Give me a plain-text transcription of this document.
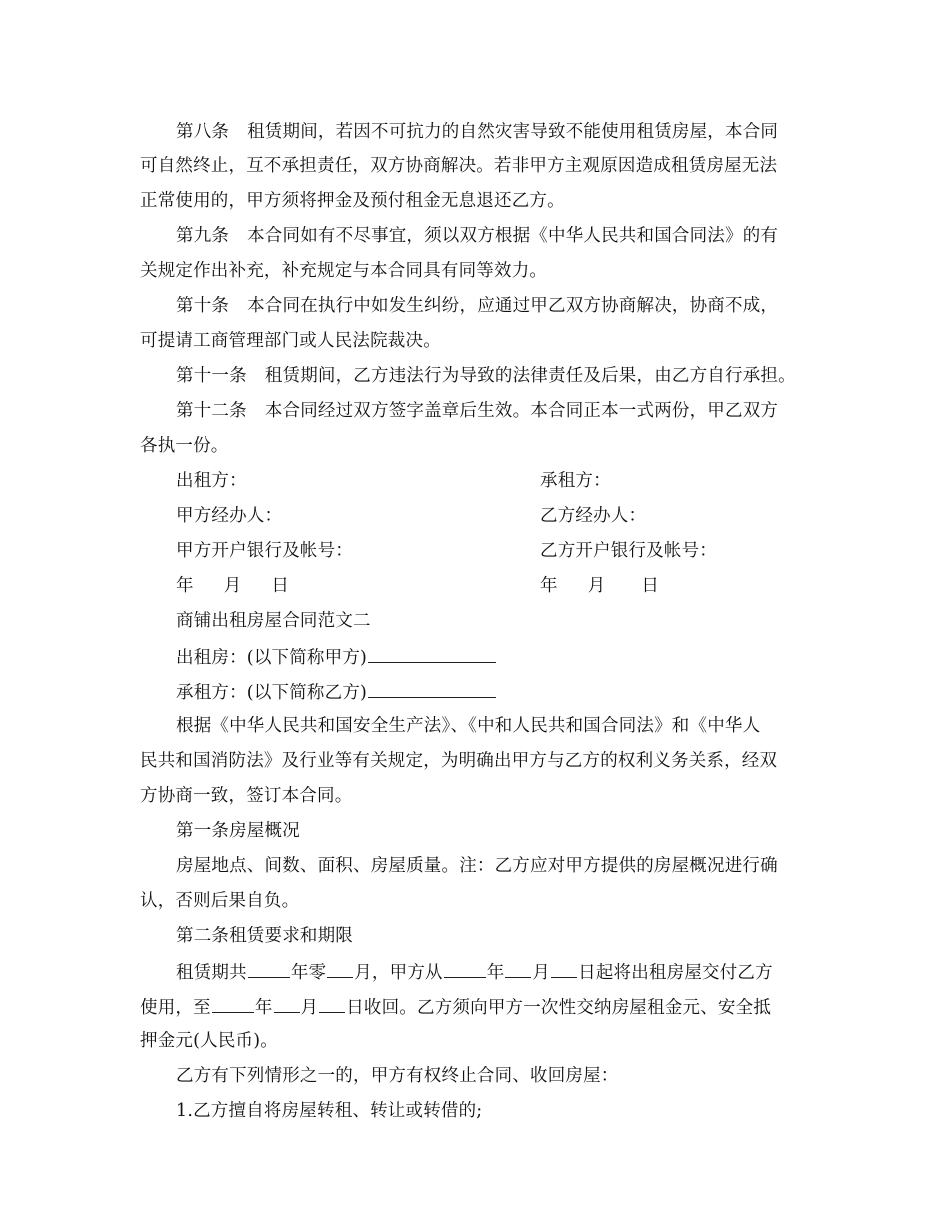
第八条 租赁期间，若因不可抗力的自然灾害导致不能使用租赁房屋，本合同
可自然终止，互不承担责任，双方协商解决。若非甲方主观原因造成租赁房屋无法
正常使用的，甲方须将押金及预付租金无息退还乙方。
第九条 本合同如有不尽事宜，须以双方根据《中华人民共和国合同法》的有
关规定作出补充，补充规定与本合同具有同等效力。
第十条 本合同在执行中如发生纠纷，应通过甲乙双方协商解决，协商不成，
可提请工商管理部门或人民法院裁决。
第十一条 租赁期间，乙方违法行为导致的法律责任及后果，由乙方自行承担。
第十二条 本合同经过双方签字盖章后生效。本合同正本一式两份，甲乙双方
各执一份。
出租方：	承租方：
甲方经办人：	乙方经办人：
甲方开户银行及帐号：	乙方开户银行及帐号：
年 月 日	年 月 日
商铺出租房屋合同范文二
出租房：(以下简称甲方)
承租方：(以下简称乙方)
根据《中华人民共和国安全生产法》、《中和人民共和国合同法》和《中华人
民共和国消防法》及行业等有关规定，为明确出甲方与乙方的权利义务关系，经双
方协商一致，签订本合同。
第一条房屋概况
房屋地点、间数、面积、房屋质量。注：乙方应对甲方提供的房屋概况进行确
认，否则后果自负。
第二条租赁要求和期限
租赁期共	年零 月，甲方从	年 月 日起将出租房屋交付乙方
使用，至	年 月 日收回。乙方须向甲方一次性交纳房屋租金元、安全抵
押金元(人民币)。
乙方有下列情形之一的，甲方有权终止合同、收回房屋：
1.乙方擅自将房屋转租、转让或转借的;
